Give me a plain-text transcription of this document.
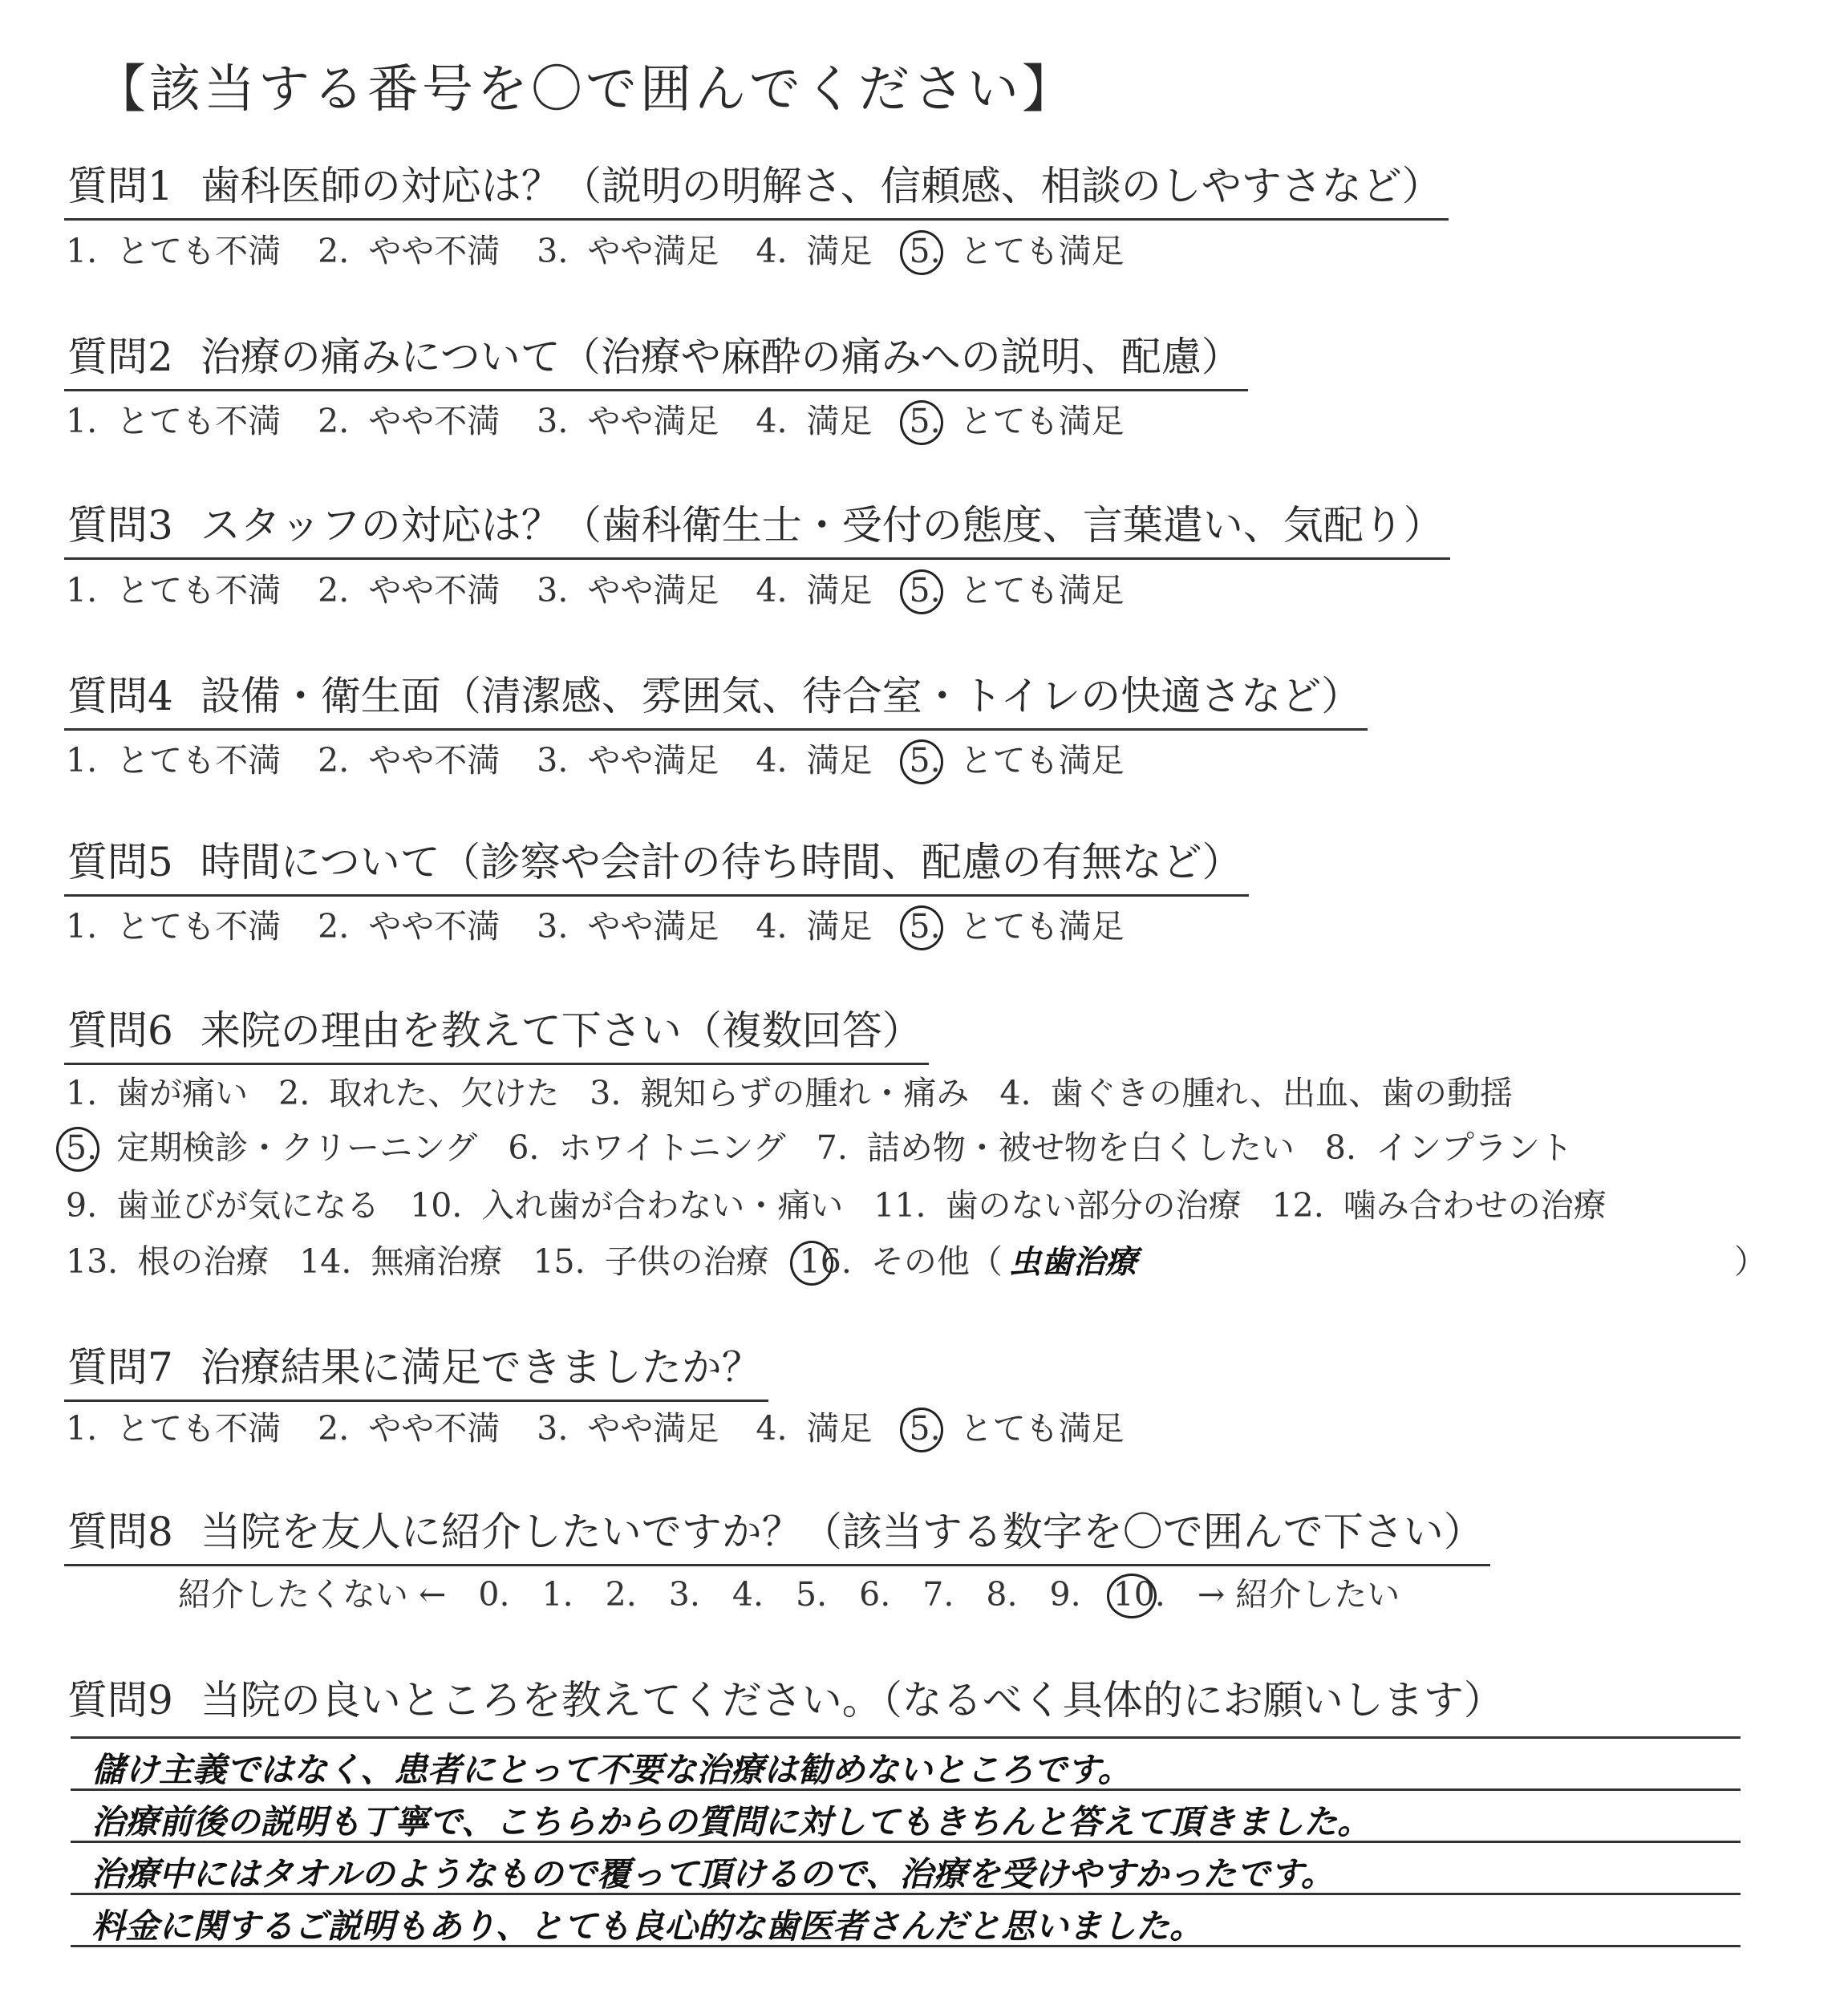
【該当する番号を〇で囲んでください】
質問1 歯科医師の対応は？（説明の明解さ、信頼感、相談のしやすさなど）
1. とても不満 2. やや不満 3. やや満足 4. 満足 5. とても満足
質問2 治療の痛みについて（治療や麻酔の痛みへの説明、配慮）
1. とても不満 2. やや不満 3. やや満足 4. 満足 5. とても満足
質問3 スタッフの対応は？（歯科衛生士・受付の態度、言葉遣い、気配り）
1. とても不満 2. やや不満 3. やや満足 4. 満足 5. とても満足
質問4 設備・衛生面（清潔感、雰囲気、待合室・トイレの快適さなど）
1. とても不満 2. やや不満 3. やや満足 4. 満足 5. とても満足
質問5 時間について（診察や会計の待ち時間、配慮の有無など）
1. とても不満 2. やや不満 3. やや満足 4. 満足 5. とても満足
質問6 来院の理由を教えて下さい（複数回答）
1. 歯が痛い 2. 取れた、欠けた 3. 親知らずの腫れ・痛み 4. 歯ぐきの腫れ、出血、歯の動揺
5. 定期検診・クリーニング 6. ホワイトニング 7. 詰め物・被せ物を白くしたい 8. インプラント
9. 歯並びが気になる 10. 入れ歯が合わない・痛い 11. 歯のない部分の治療 12. 噛み合わせの治療
13. 根の治療 14. 無痛治療 15. 子供の治療 16. その他（ 虫歯治療	）
質問7 治療結果に満足できましたか？
1. とても不満 2. やや不満 3. やや満足 4. 満足 5. とても満足
質問8 当院を友人に紹介したいですか？（該当する数字を〇で囲んで下さい）
紹介したくない ← 0. 1. 2. 3. 4. 5. 6. 7. 8. 9. 10. → 紹介したい
質問9 当院の良いところを教えてください。（なるべく具体的にお願いします）
儲け主義ではなく、患者にとって不要な治療は勧めないところです。
治療前後の説明も丁寧で、こちらからの質問に対してもきちんと答えて頂きました。
治療中にはタオルのようなもので覆って頂けるので、治療を受けやすかったです。
料金に関するご説明もあり、とても良心的な歯医者さんだと思いました。
